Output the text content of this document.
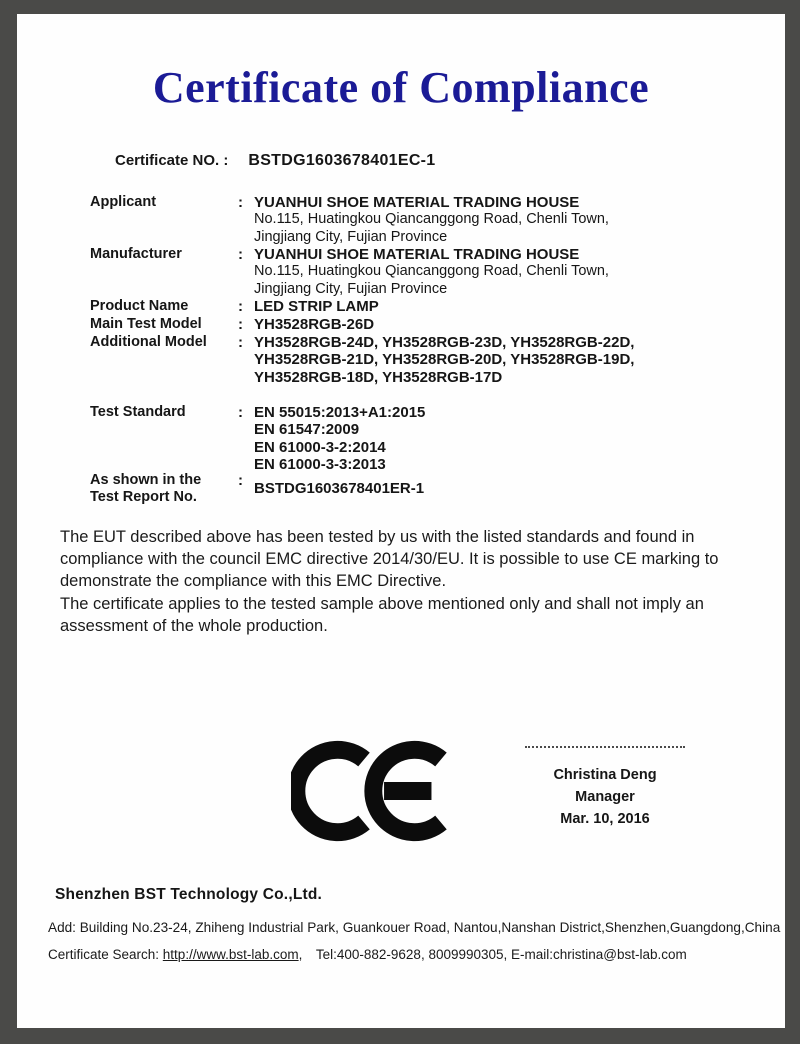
Certificate of Compliance
Certificate NO. : BSTDG1603678401EC-1
Applicant	: YUANHUI SHOE MATERIAL TRADING HOUSE
No.115, Huatingkou Qiancanggong Road, Chenli Town,
Jingjiang City, Fujian Province
Manufacturer	: YUANHUI SHOE MATERIAL TRADING HOUSE
No.115, Huatingkou Qiancanggong Road, Chenli Town,
Jingjiang City, Fujian Province
Product Name	: LED STRIP LAMP
Main Test Model	: YH3528RGB-26D
Additional Model	: YH3528RGB-24D, YH3528RGB-23D, YH3528RGB-22D,
YH3528RGB-21D, YH3528RGB-20D, YH3528RGB-19D,
YH3528RGB-18D, YH3528RGB-17D
Test Standard	: EN 55015:2013+A1:2015
EN 61547:2009
EN 61000-3-2:2014
EN 61000-3-3:2013
As shown in the
Test Report No.
: BSTDG1603678401ER-1

The EUT described above has been tested by us with the listed standards and found in compliance with the council EMC directive 2014/30/EU. It is possible to use CE marking to demonstrate the compliance with this EMC Directive.

The certificate applies to the tested sample above mentioned only and shall not imply an assessment of the whole production.

Christina Deng
Manager
Mar. 10, 2016
Shenzhen BST Technology Co.,Ltd.
Add: Building No.23-24, Zhiheng Industrial Park, Guankouer Road, Nantou,Nanshan District,Shenzhen,Guangdong,China
Certificate Search: http://www.bst-lab.com, Tel:400-882-9628, 8009990305, E-mail:christina@bst-lab.com
